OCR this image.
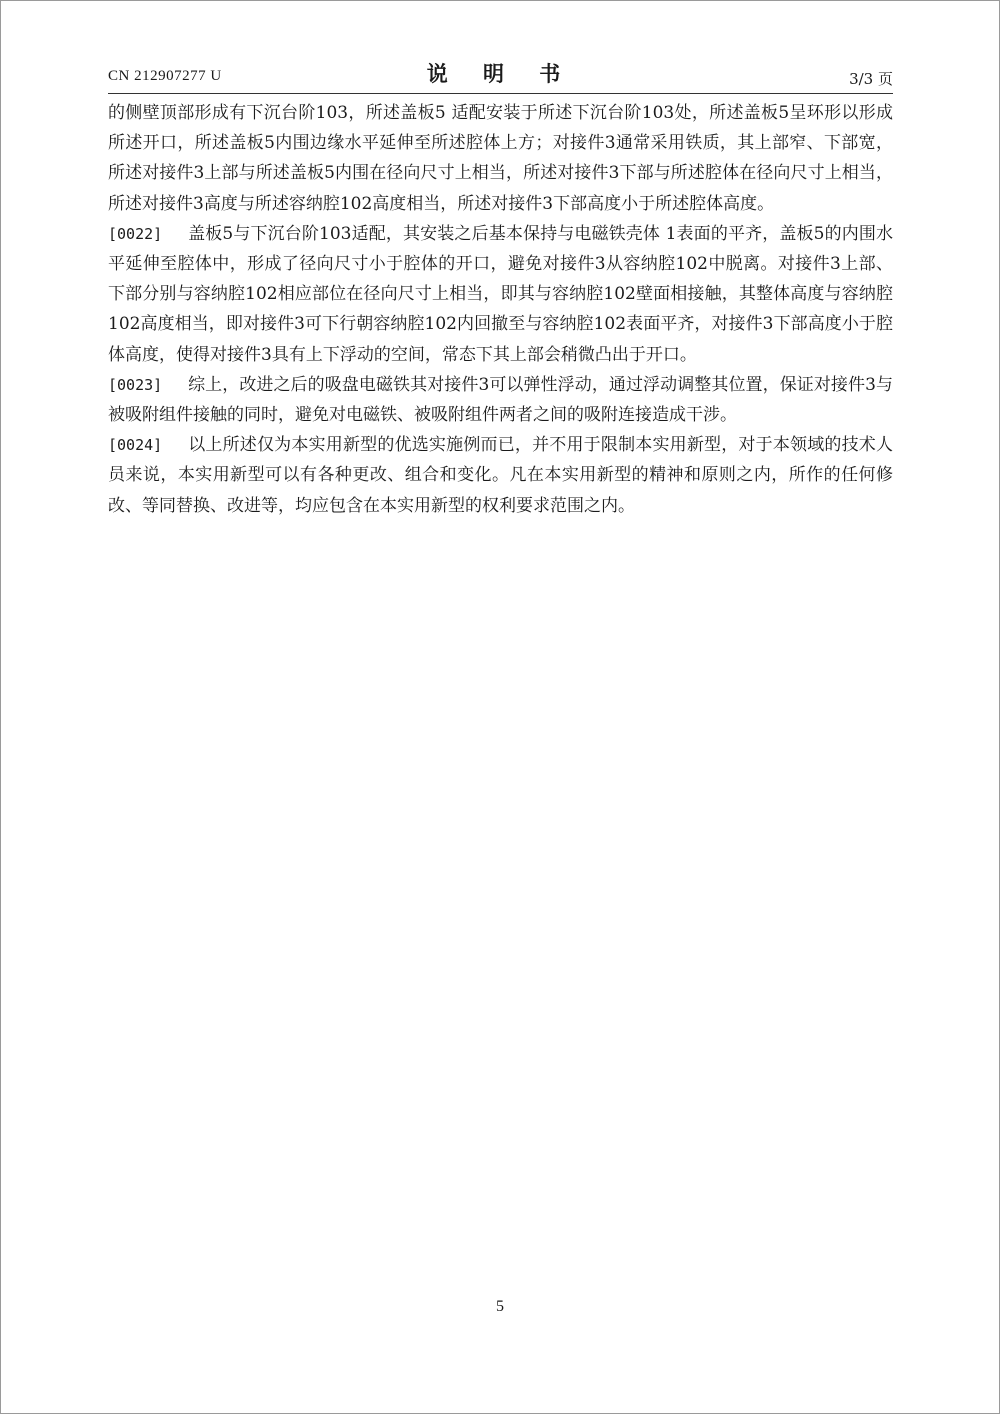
CN 212907277 U	说 明 书	3/3 页

的侧壁顶部形成有下沉台阶103，所述盖板5 适配安装于所述下沉台阶103处，所述盖板5呈环形以形成所述开口，所述盖板5内围边缘水平延伸至所述腔体上方；对接件3通常采用铁质，其上部窄、下部宽，所述对接件3上部与所述盖板5内围在径向尺寸上相当，所述对接件3下部与所述腔体在径向尺寸上相当，所述对接件3高度与所述容纳腔102高度相当，所述对接件3下部高度小于所述腔体高度。

[0022] 盖板5与下沉台阶103适配，其安装之后基本保持与电磁铁壳体 1表面的平齐，盖板5的内围水平延伸至腔体中，形成了径向尺寸小于腔体的开口，避免对接件3从容纳腔102中脱离。对接件3上部、下部分别与容纳腔102相应部位在径向尺寸上相当，即其与容纳腔102壁面相接触，其整体高度与容纳腔102高度相当，即对接件3可下行朝容纳腔102内回撤至与容纳腔102表面平齐，对接件3下部高度小于腔体高度，使得对接件3具有上下浮动的空间，常态下其上部会稍微凸出于开口。

[0023] 综上，改进之后的吸盘电磁铁其对接件3可以弹性浮动，通过浮动调整其位置，保证对接件3与被吸附组件接触的同时，避免对电磁铁、被吸附组件两者之间的吸附连接造成干涉。

[0024] 以上所述仅为本实用新型的优选实施例而已，并不用于限制本实用新型，对于本领域的技术人员来说，本实用新型可以有各种更改、组合和变化。凡在本实用新型的精神和原则之内，所作的任何修改、等同替换、改进等，均应包含在本实用新型的权利要求范围之内。

5
